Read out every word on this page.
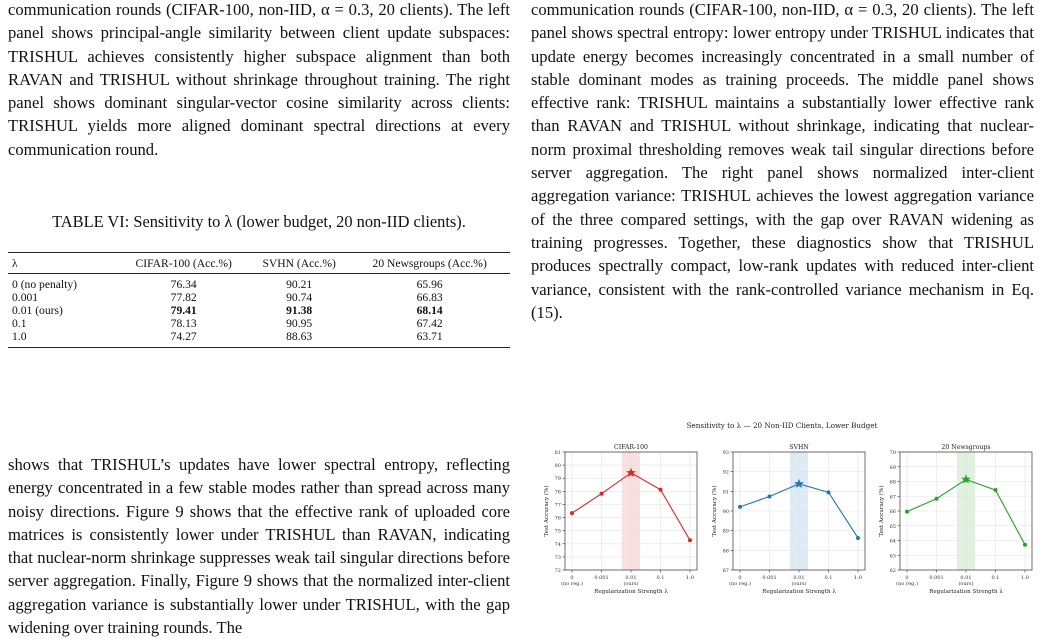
communication rounds (CIFAR-100, non-IID, α = 0.3, 20 clients). The left panel shows principal-angle similarity between client update subspaces: TRISHUL achieves consistently higher subspace alignment than both RAVAN and TRISHUL without shrinkage throughout training. The right panel shows dominant singular-vector cosine similarity across clients: TRISHUL yields more aligned dominant spectral directions at every communication round.

TABLE VI: Sensitivity to λ (lower budget, 20 non-IID clients).

λ	CIFAR-100 (Acc.%)	SVHN (Acc.%)	20 Newsgroups (Acc.%)
0 (no penalty)	76.34	90.21	65.96
0.001	77.82	90.74	66.83
0.01 (ours)	79.41	91.38	68.14
0.1	78.13	90.95	67.42
1.0	74.27	88.63	63.71

shows that TRISHUL’s updates have lower spectral entropy, reflecting energy concentrated in a few stable modes rather than spread across many noisy directions. Figure 9 shows that the effective rank of uploaded core matrices is consistently lower under TRISHUL than RAVAN, indicating that nuclear-norm shrinkage suppresses weak tail singular directions before server aggregation. Finally, Figure 9 shows that the normalized inter-client aggregation variance is substantially lower under TRISHUL, with the gap widening over training rounds. The

communication rounds (CIFAR-100, non-IID, α = 0.3, 20 clients). The left panel shows spectral entropy: lower entropy under TRISHUL indicates that update energy becomes increasingly concentrated in a small number of stable dominant modes as training proceeds. The middle panel shows effective rank: TRISHUL maintains a substantially lower effective rank than RAVAN and TRISHUL without shrinkage, indicating that nuclear-norm proximal thresholding removes weak tail singular directions before server aggregation. The right panel shows normalized inter-client aggregation variance: TRISHUL achieves the lowest aggregation variance of the three compared settings, with the gap over RAVAN widening as training progresses. Together, these diagnostics show that TRISHUL produces spectrally compact, low-rank updates with reduced inter-client variance, consistent with the rank-controlled variance mechanism in Eq. (15).

Sensitivity to λ — 20 Non-IID Clients, Lower Budget
72
73
74
75
76
77
78
79
80
81
0
(no reg.)
0.001	0.01
(ours)
0.1	1.0
CIFAR-100
Regularization Strength λ
Test Accuracy (%)
87
88
89
90
91
92
93
0
(no reg.)
0.001	0.01
(ours)
0.1	1.0
SVHN
Regularization Strength λ
Test Accuracy (%)
62
63
64
65
66
67
68
69
70
0
(no reg.)
0.001	0.01
(ours)
0.1	1.0
20 Newsgroups
Regularization Strength λ
Test Accuracy (%)
